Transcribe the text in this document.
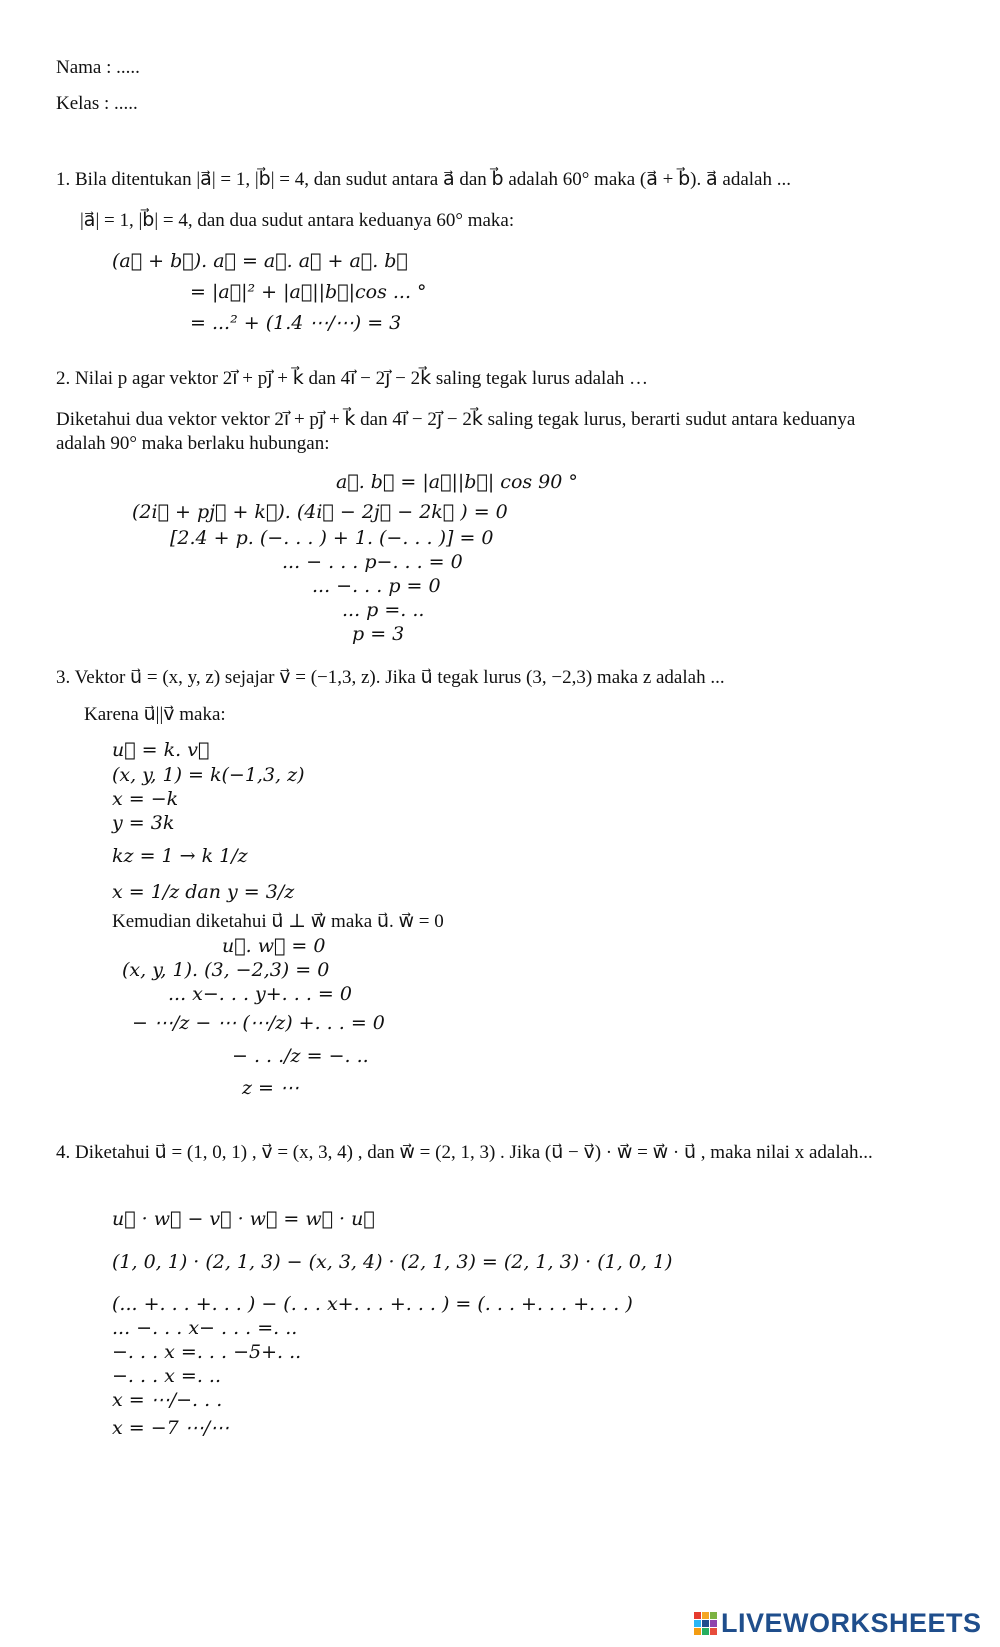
Nama : .....
Kelas : .....
1. Bila ditentukan |a⃗| = 1, |b⃗| = 4, dan sudut antara a⃗ dan b⃗ adalah 60° maka (a⃗ + b⃗). a⃗ adalah ...
|a⃗| = 1, |b⃗| = 4, dan dua sudut antara keduanya 60° maka:
(a⃗ + b⃗). a⃗ = a⃗. a⃗ + a⃗. b⃗
= |a⃗|² + |a⃗||b⃗|cos ... °
= ...² + (1.4 ⋯/⋯) = 3
2. Nilai p agar vektor 2i⃗ + pj⃗ + k⃗ dan 4i⃗ − 2j⃗ − 2k⃗ saling tegak lurus adalah …
Diketahui dua vektor vektor 2i⃗ + pj⃗ + k⃗ dan 4i⃗ − 2j⃗ − 2k⃗ saling tegak lurus, berarti sudut antara keduanya
adalah 90° maka berlaku hubungan:
a⃗. b⃗ = |a⃗||b⃗| cos 90 °
(2i⃗ + pj⃗ + k⃗). (4i⃗ − 2j⃗ − 2k⃗ ) = 0
[2.4 + p. (−. . . ) + 1. (−. . . )] = 0
... − . . . p−. . . = 0
... −. . . p = 0
... p =. ..
p = 3
3. Vektor u⃗ = (x, y, z) sejajar v⃗ = (−1,3, z). Jika u⃗ tegak lurus (3, −2,3) maka z adalah ...
Karena u⃗||v⃗ maka:
u⃗ = k. v⃗
(x, y, 1) = k(−1,3, z)
x = −k
y = 3k
kz = 1 → k 1/z
x = 1/z dan y = 3/z
Kemudian diketahui u⃗ ⊥ w⃗ maka u⃗. w⃗ = 0
u⃗. w⃗ = 0
(x, y, 1). (3, −2,3) = 0
... x−. . . y+. . . = 0
− ⋯/z − ⋯ (⋯/z) +. . . = 0
− . . ./z = −. ..
z = ⋯
4. Diketahui u⃗ = (1, 0, 1) , v⃗ = (x, 3, 4) , dan w⃗ = (2, 1, 3) . Jika (u⃗ − v⃗) · w⃗ = w⃗ · u⃗ , maka nilai x adalah...
u⃗ · w⃗ − v⃗ · w⃗ = w⃗ · u⃗
(1, 0, 1) · (2, 1, 3) − (x, 3, 4) · (2, 1, 3) = (2, 1, 3) · (1, 0, 1)
(... +. . . +. . . ) − (. . . x+. . . +. . . ) = (. . . +. . . +. . . )
... −. . . x− . . . =. ..
−. . . x =. . . −5+. ..
−. . . x =. ..
x = ⋯/−. . .
x = −7 ⋯/⋯
LIVEWORKSHEETS
